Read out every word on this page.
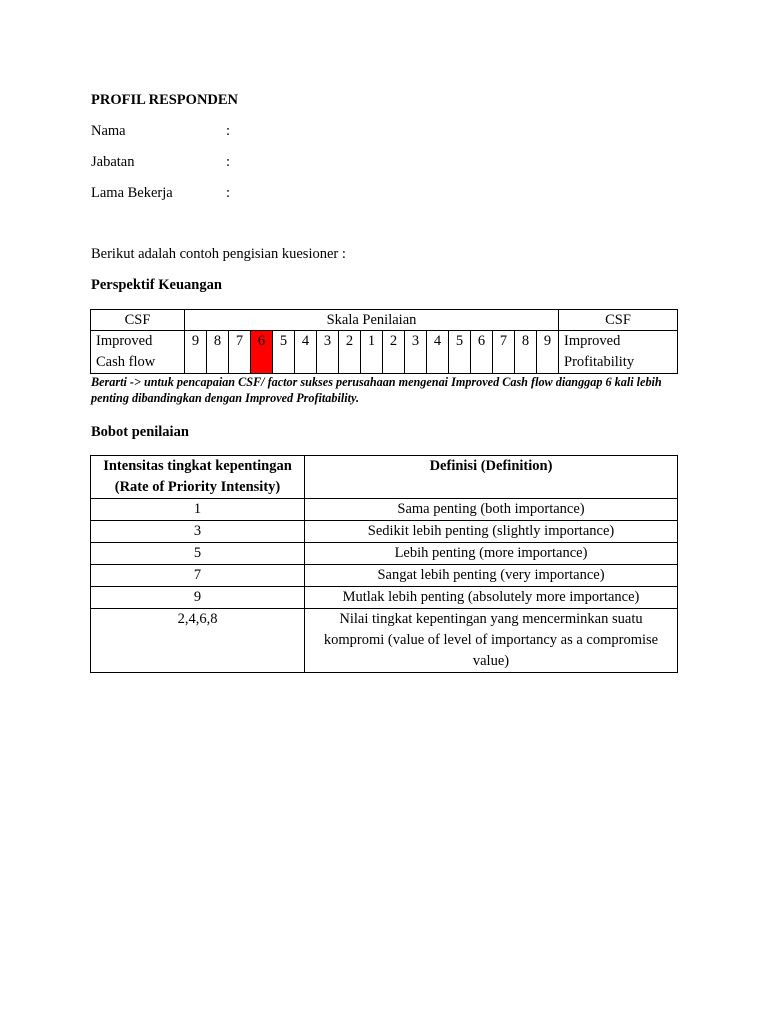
PROFIL RESPONDEN
Nama	:
Jabatan	:
Lama Bekerja	:
Berikut adalah contoh pengisian kuesioner :
Perspektif Keuangan
CSF	Skala Penilaian																	CSF
Improved
Cash flow	9	8	7	6	5	4	3	2	1	2	3	4	5	6	7	8	9	Improved
Profitability
Berarti -> untuk pencapaian CSF/ factor sukses perusahaan mengenai Improved Cash flow dianggap 6 kali lebih
penting dibandingkan dengan Improved Profitability.
Bobot penilaian
Intensitas tingkat kepentingan
(Rate of Priority Intensity)	Definisi (Definition)
1	Sama penting (both importance)
3	Sedikit lebih penting (slightly importance)
5	Lebih penting (more importance)
7	Sangat lebih penting (very importance)
9	Mutlak lebih penting (absolutely more importance)
2,4,6,8	Nilai tingkat kepentingan yang mencerminkan suatu
kompromi (value of level of importancy as a compromise
value)
